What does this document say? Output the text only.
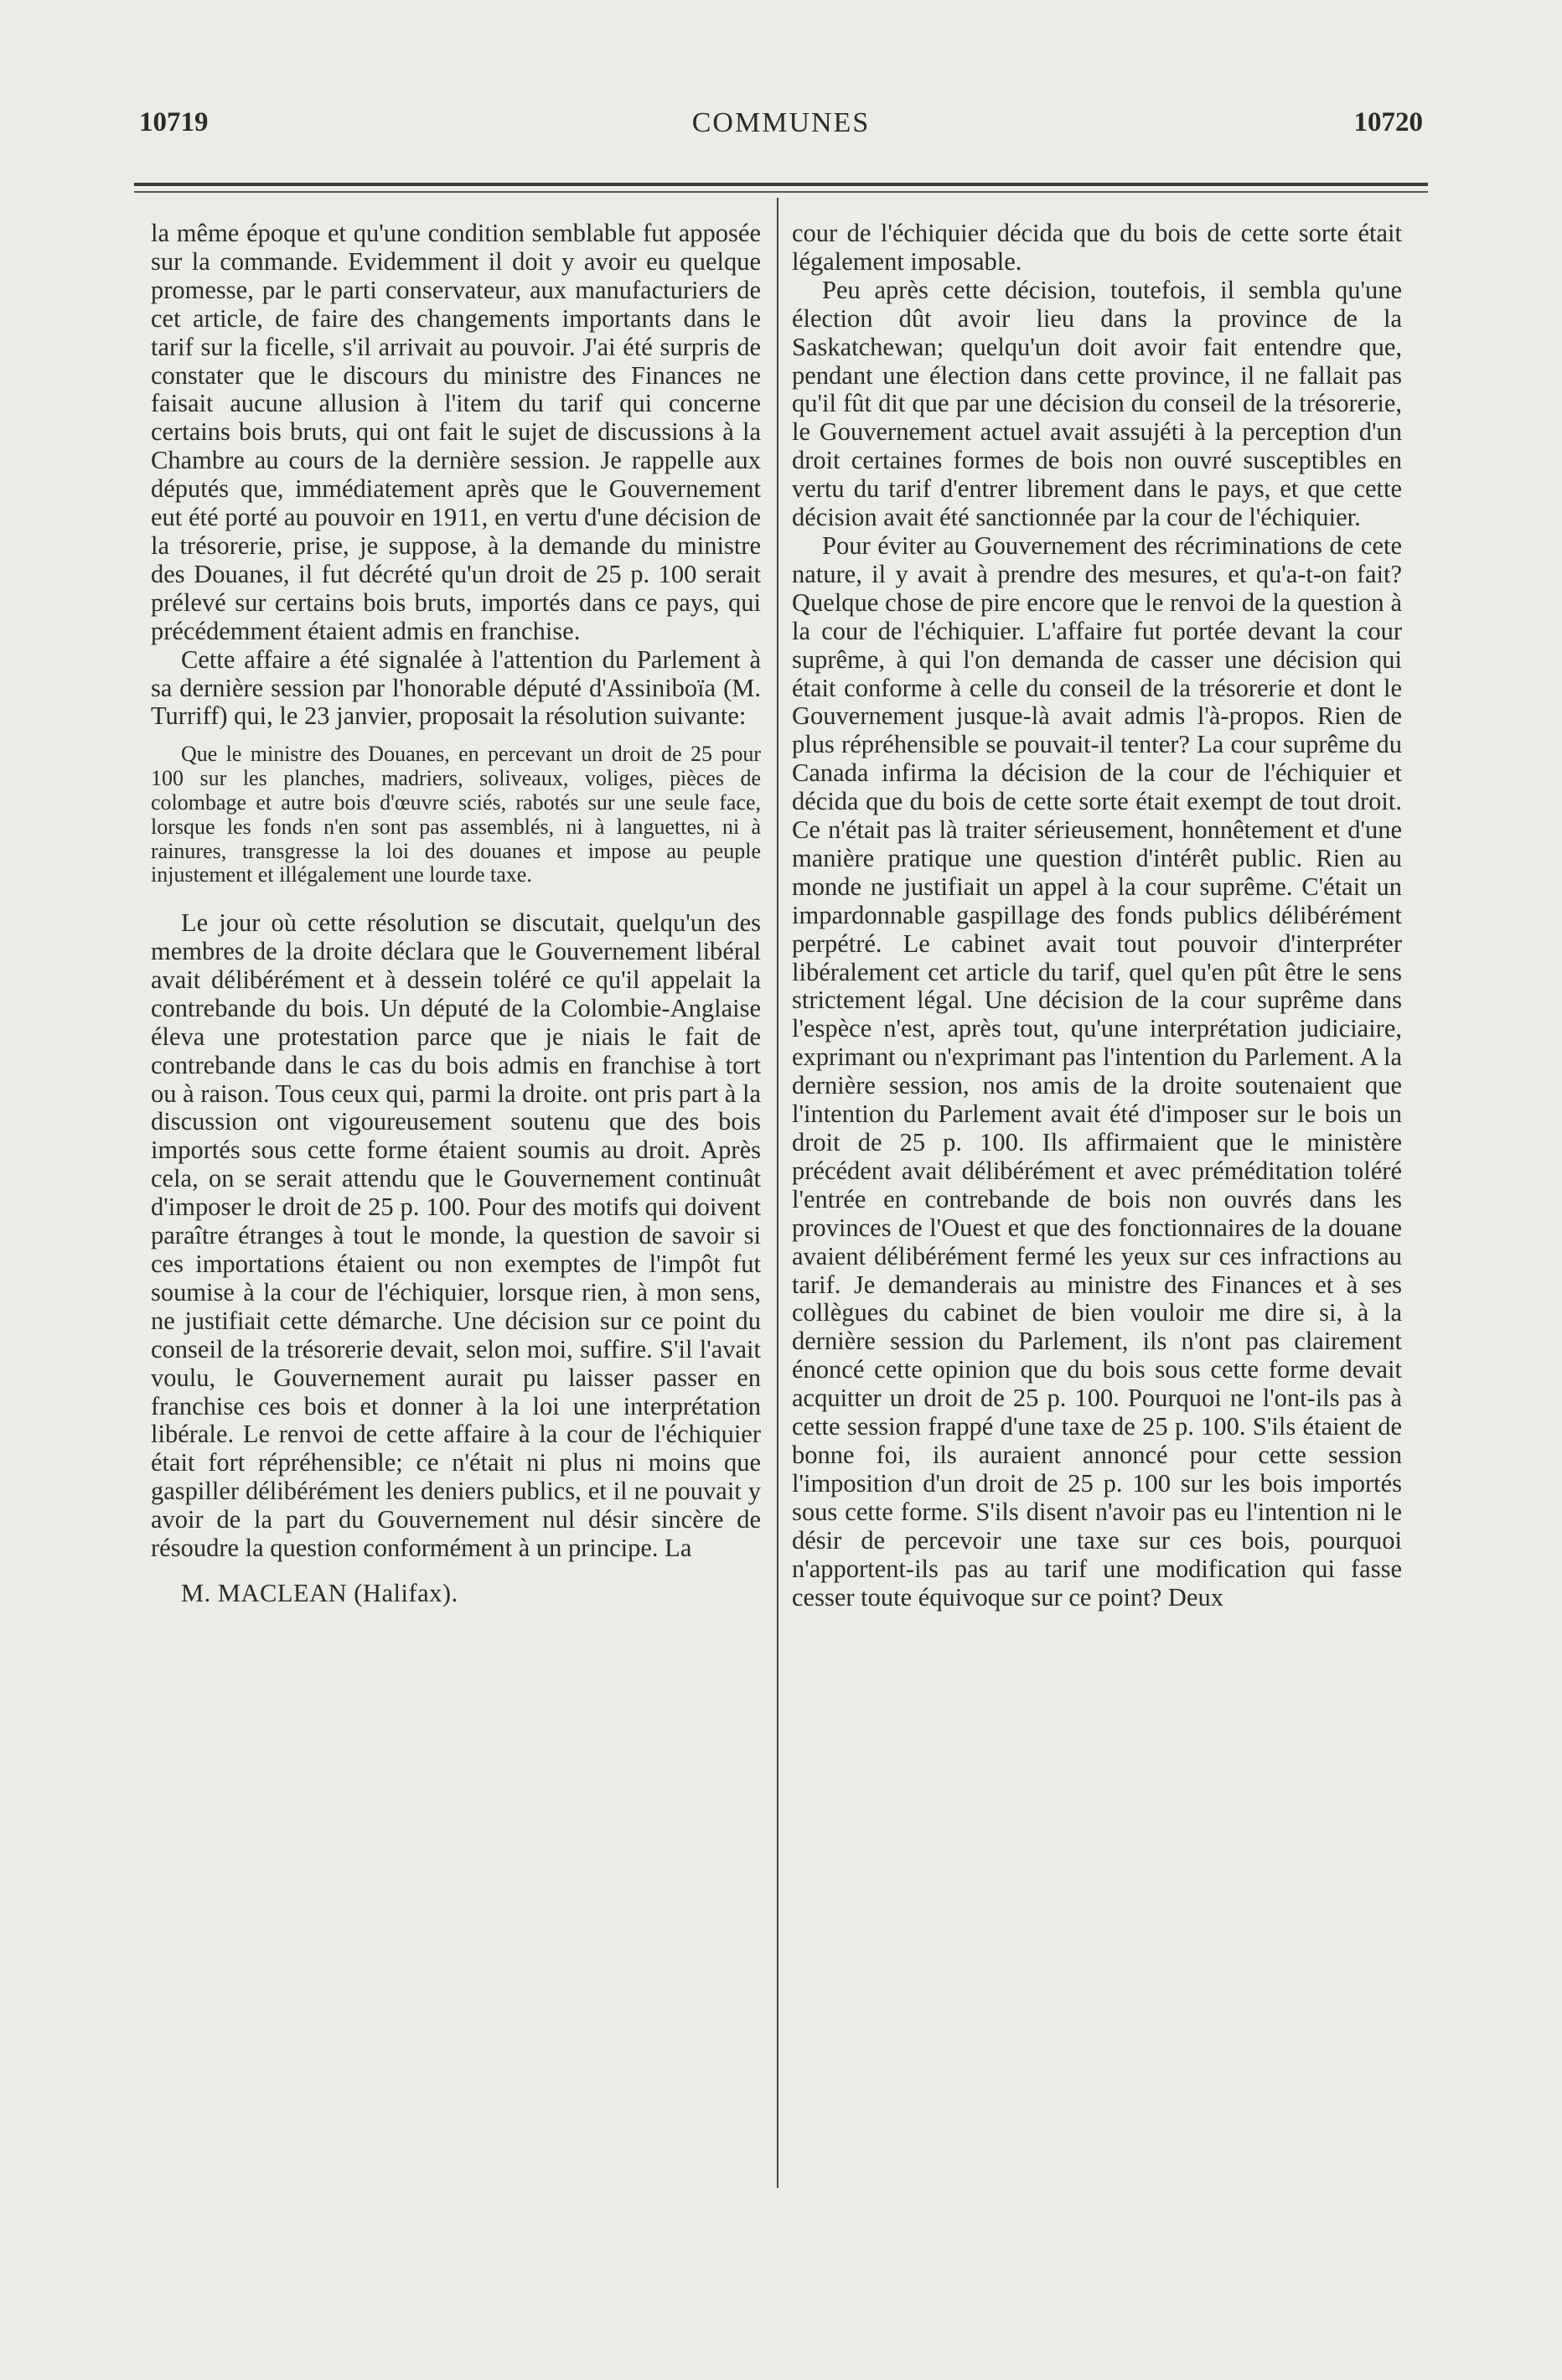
10719	COMMUNES	10720

la même époque et qu'une condition semblable fut apposée sur la commande. Evidemment il doit y avoir eu quelque promesse, par le parti conservateur, aux manufacturiers de cet article, de faire des changements importants dans le tarif sur la ficelle, s'il arrivait au pouvoir. J'ai été surpris de constater que le discours du ministre des Finances ne faisait aucune allusion à l'item du tarif qui concerne certains bois bruts, qui ont fait le sujet de discussions à la Chambre au cours de la dernière session. Je rappelle aux députés que, immédiatement après que le Gouvernement eut été porté au pouvoir en 1911, en vertu d'une décision de la trésorerie, prise, je suppose, à la demande du ministre des Douanes, il fut décrété qu'un droit de 25 p. 100 serait prélevé sur certains bois bruts, importés dans ce pays, qui précédemment étaient admis en franchise.

Cette affaire a été signalée à l'attention du Parlement à sa dernière session par l'honorable député d'Assiniboïa (M. Turriff) qui, le 23 janvier, proposait la résolution suivante:

Que le ministre des Douanes, en percevant un droit de 25 pour 100 sur les planches, madriers, soliveaux, voliges, pièces de colombage et autre bois d'œuvre sciés, rabotés sur une seule face, lorsque les fonds n'en sont pas assemblés, ni à languettes, ni à rainures, transgresse la loi des douanes et impose au peuple injustement et illégalement une lourde taxe.

Le jour où cette résolution se discutait, quelqu'un des membres de la droite déclara que le Gouvernement libéral avait délibérément et à dessein toléré ce qu'il appelait la contrebande du bois. Un député de la Colombie-Anglaise éleva une protestation parce que je niais le fait de contrebande dans le cas du bois admis en franchise à tort ou à raison. Tous ceux qui, parmi la droite. ont pris part à la discussion ont vigoureusement soutenu que des bois importés sous cette forme étaient soumis au droit. Après cela, on se serait attendu que le Gouvernement continuât d'imposer le droit de 25 p. 100. Pour des motifs qui doivent paraître étranges à tout le monde, la question de savoir si ces importations étaient ou non exemptes de l'impôt fut soumise à la cour de l'échiquier, lorsque rien, à mon sens, ne justifiait cette démarche. Une décision sur ce point du conseil de la trésorerie devait, selon moi, suffire. S'il l'avait voulu, le Gouvernement aurait pu laisser passer en franchise ces bois et donner à la loi une interprétation libérale. Le renvoi de cette affaire à la cour de l'échiquier était fort répréhensible; ce n'était ni plus ni moins que gaspiller délibérément les deniers publics, et il ne pouvait y avoir de la part du Gouvernement nul désir sincère de résoudre la question conformément à un principe. La

M. MACLEAN (Halifax).

cour de l'échiquier décida que du bois de cette sorte était légalement imposable.

Peu après cette décision, toutefois, il sembla qu'une élection dût avoir lieu dans la province de la Saskatchewan; quelqu'un doit avoir fait entendre que, pendant une élection dans cette province, il ne fallait pas qu'il fût dit que par une décision du conseil de la trésorerie, le Gouvernement actuel avait assujéti à la perception d'un droit certaines formes de bois non ouvré susceptibles en vertu du tarif d'entrer librement dans le pays, et que cette décision avait été sanctionnée par la cour de l'échiquier.

Pour éviter au Gouvernement des récriminations de cete nature, il y avait à prendre des mesures, et qu'a-t-on fait? Quelque chose de pire encore que le renvoi de la question à la cour de l'échiquier. L'affaire fut portée devant la cour suprême, à qui l'on demanda de casser une décision qui était conforme à celle du conseil de la trésorerie et dont le Gouvernement jusque-là avait admis l'à-propos. Rien de plus répréhensible se pouvait-il tenter? La cour suprême du Canada infirma la décision de la cour de l'échiquier et décida que du bois de cette sorte était exempt de tout droit. Ce n'était pas là traiter sérieusement, honnêtement et d'une manière pratique une question d'intérêt public. Rien au monde ne justifiait un appel à la cour suprême. C'était un impardonnable gaspillage des fonds publics délibérément perpétré. Le cabinet avait tout pouvoir d'interpréter libéralement cet article du tarif, quel qu'en pût être le sens strictement légal. Une décision de la cour suprême dans l'espèce n'est, après tout, qu'une interprétation judiciaire, exprimant ou n'exprimant pas l'intention du Parlement. A la dernière session, nos amis de la droite soutenaient que l'intention du Parlement avait été d'imposer sur le bois un droit de 25 p. 100. Ils affirmaient que le ministère précédent avait délibérément et avec préméditation toléré l'entrée en contrebande de bois non ouvrés dans les provinces de l'Ouest et que des fonctionnaires de la douane avaient délibérément fermé les yeux sur ces infractions au tarif. Je demanderais au ministre des Finances et à ses collègues du cabinet de bien vouloir me dire si, à la dernière session du Parlement, ils n'ont pas clairement énoncé cette opinion que du bois sous cette forme devait acquitter un droit de 25 p. 100. Pourquoi ne l'ont-ils pas à cette session frappé d'une taxe de 25 p. 100. S'ils étaient de bonne foi, ils auraient annoncé pour cette session l'imposition d'un droit de 25 p. 100 sur les bois importés sous cette forme. S'ils disent n'avoir pas eu l'intention ni le désir de percevoir une taxe sur ces bois, pourquoi n'apportent-ils pas au tarif une modification qui fasse cesser toute équivoque sur ce point? Deux
